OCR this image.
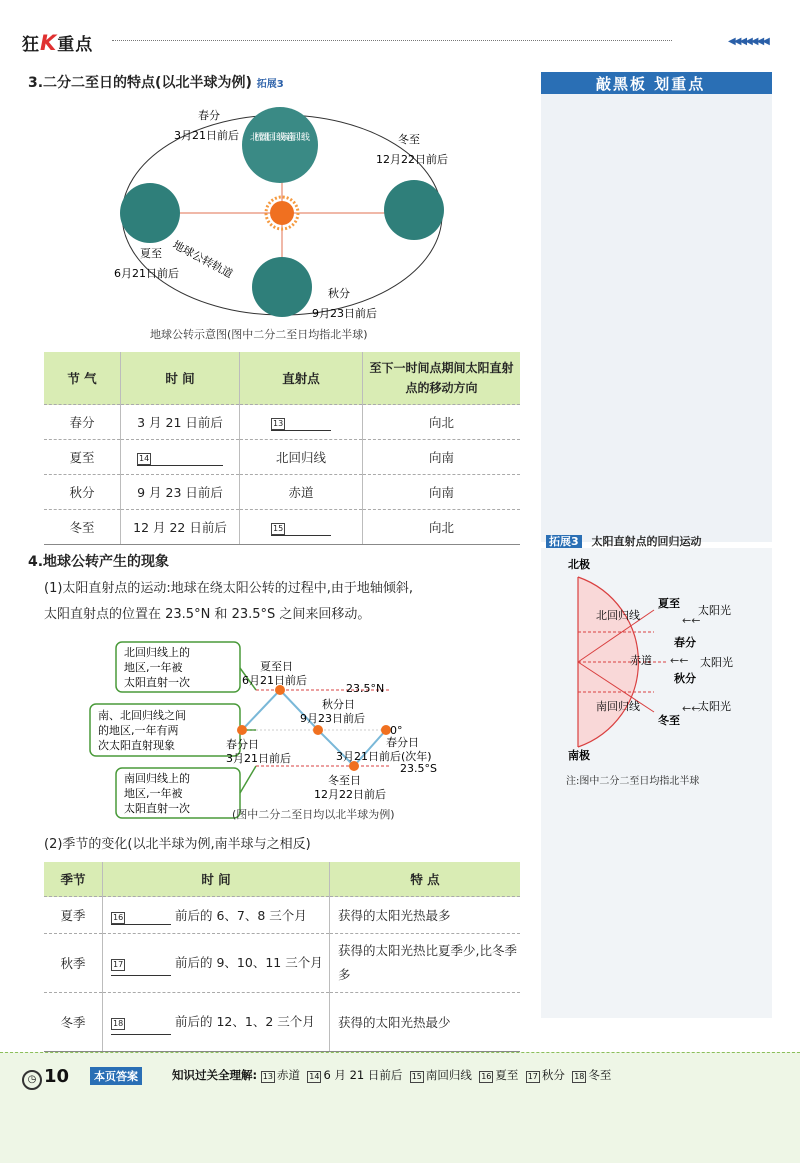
狂K重点	◀◀◀◀◀◀◀
敲黑板 划重点
3.二分二至日的特点(以北半球为例) 拓展3
北极圈 北回归线 赤道 南回归线
春分
3月21日前后	冬至
12月22日前后
夏至
6月21日前后
秋分
9月23日前后
地球公转轨道
地球公转示意图(图中二分二至日均指北半球)
节 气	时 间	直射点	至下一时间点期间太阳直射点的移动方向
春分	3 月 21 日前后	13	向北
夏至	14	北回归线	向南
秋分	9 月 23 日前后	赤道	向南
冬至	12 月 22 日前后	15	向北
4.地球公转产生的现象
(1)太阳直射点的运动:地球在绕太阳公转的过程中,由于地轴倾斜,
太阳直射点的位置在 23.5°N 和 23.5°S 之间来回移动。
北回归线上的
地区,一年被
太阳直射一次
南、北回归线之间
的地区,一年有两
次太阳直射现象
南回归线上的
地区,一年被
太阳直射一次
夏至日
6月21日前后
23.5°N
秋分日
9月23日前后
0°
春分日
3月21日前后
春分日
3月21日前后(次年)
23.5°S
冬至日
12月22日前后
(图中二分二至日均以北半球为例)
(2)季节的变化(以北半球为例,南半球与之相反)
季节	时 间	特 点
夏季	16 前后的 6、7、8 三个月	获得的太阳光热最多
秋季	17 前后的 9、10、11 三个月	获得的太阳光热比夏季少,比冬季多
冬季	18 前后的 12、1、2 三个月	获得的太阳光热最少
拓展3 太阳直射点的回归运动
北极
南极
北回归线
赤道
南回归线
夏至
太阳光
春分
太阳光
秋分
冬至
太阳光
←←
←←
←←
注:图中二分二至日均指北半球
◷ 10	本页答案	知识过关全理解: 13 赤道 14 6 月 21 日前后 15 南回归线 16 夏至 17 秋分 18 冬至
